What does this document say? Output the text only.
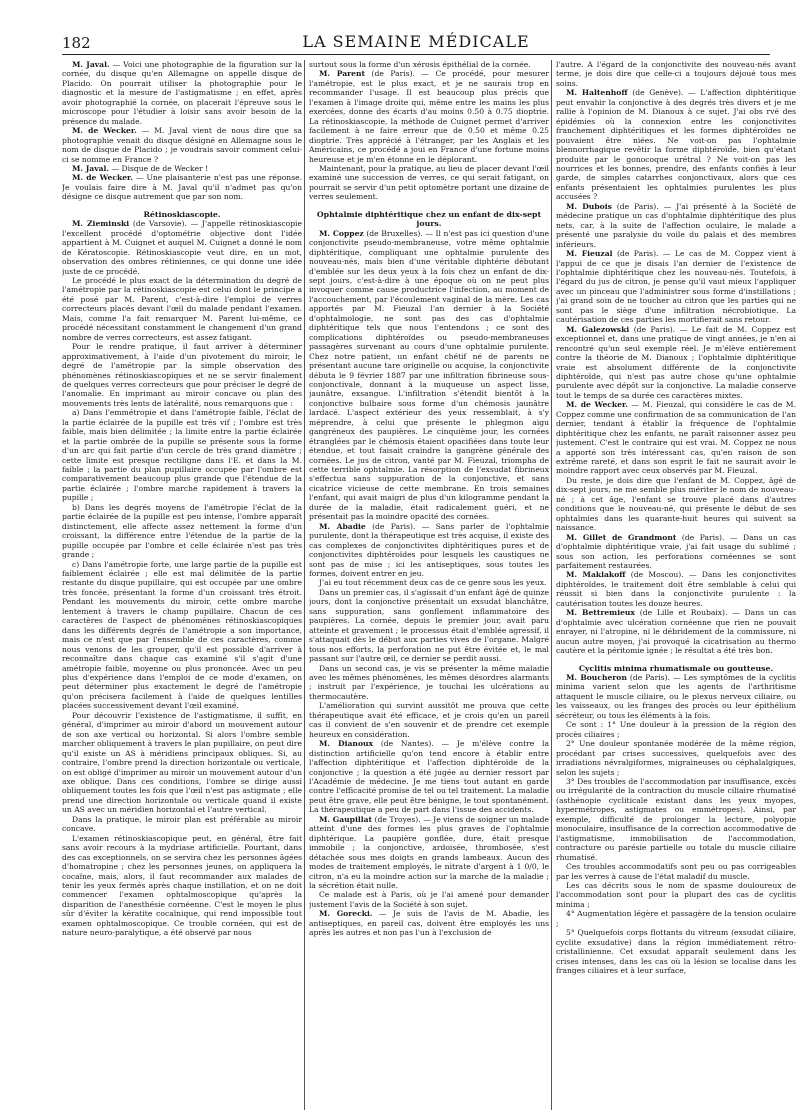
182	LA SEMAINE MÉDICALE

M. Javal. — Voici une photographie de la figuration sur la cornée, du disque qu'en Allemagne on appelle disque de Placido. On pourrait utiliser la photographie pour le diagnostic et la mesure de l'astigmatisme ; en effet, après avoir photographié la cornée, on placerait l'épreuve sous le microscope pour l'étudier à loisir sans avoir besoin de la présence du malade.

M. de Wecker. — M. Javal vient de nous dire que sa photographie venait du disque désigné en Allemagne sous le nom de disque de Placido ; je voudrais savoir comment celui-ci se nomme en France ?

M. Javal. — Disque de de Wecker !

M. de Wecker. — Une plaisanterie n'est pas une réponse. Je voulais faire dire à M. Javal qu'il n'admet pas qu'on désigne ce disque autrement que par son nom.

Rétinoskiascopie.

M. Zieminski (de Varsovie). — J'appelle rétinoskiascopie l'excellent procédé d'optométrie objective dont l'idée appartient à M. Cuignet et auquel M. Cuignet a donné le nom de Kératoscopie. Rétinoskiascopie veut dire, en un mot, observation des ombres rétiniennes, ce qui donne une idée juste de ce procédé.

Le procédé le plus exact de la détermination du degré de l'amétropie par la rétinoskiascopie est celui dont le principe a été posé par M. Parent, c'est-à-dire l'emploi de verres correcteurs placés devant l'œil du malade pendant l'examen. Mais, comme l'a fait remarquer M. Parent lui-même, ce procédé nécessitant constamment le changement d'un grand nombre de verres correcteurs, est assez fatigant.

Pour le rendre pratique, il faut arriver à déterminer approximativement, à l'aide d'un pivotement du miroir, le degré de l'amétropie par la simple observation des phénomènes rétinoskiascopiques et ne se servir finalement de quelques verres correcteurs que pour préciser le degré de l'anomalie. En imprimant au miroir concave ou plan des mouvements très lents de latéralité, nous remarquons que :

a) Dans l'emmétropie et dans l'amétropie faible, l'éclat de la partie éclairée de la pupille est très vif ; l'ombre est très faible, mais bien délimitée ; la limite entre la partie éclairée et la partie ombrée de la pupille se présente sous la forme d'un arc qui fait partie d'un cercle de très grand diamètre ; cette limite est presque rectiligne dans l'E. et dans la M. faible ; la partie du plan pupillaire occupée par l'ombre est comparativement beaucoup plus grande que l'étendue de la partie éclairée ; l'ombre marche rapidement à travers la pupille ;

b) Dans les degrés moyens de l'amétropie l'éclat de la partie éclairée de la pupille est peu intense, l'ombre apparaît distinctement, elle affecte assez nettement la forme d'un croissant, la différence entre l'étendue de la partie de la pupille occupée par l'ombre et celle éclairée n'est pas très grande ;

c) Dans l'amétropie forte, une large partie de la pupille est faiblement éclairée ; elle est mal délimitée de la partie restante du disque pupillaire, qui est occupée par une ombre très foncée, présentant la forme d'un croissant très étroit. Pendant les mouvements du miroir, cette ombre marche lentement à travers le champ pupillaire. Chacun de ces caractères de l'aspect de phénomènes rétinoskiascopiques dans les différents degrés de l'amétropie a son importance, mais ce n'est que par l'ensemble de ces caractères, comme nous venons de les grouper, qu'il est possible d'arriver à reconnaître dans chaque cas examiné s'il s'agit d'une amétropie faible, moyenne ou plus prononcée. Avec un peu plus d'expérience dans l'emploi de ce mode d'examen, on peut déterminer plus exactement le degré de l'amétropie qu'on précisera facilement à l'aide de quelques lentilles placées successivement devant l'œil examiné.

Pour découvrir l'existence de l'astigmatisme, il suffit, en général, d'imprimer au miroir d'abord un mouvement autour de son axe vertical ou horizontal. Si alors l'ombre semble marcher obliquement à travers le plan pupillaire, on peut dire qu'il existe un AS à méridiens principaux obliques. Si, au contraire, l'ombre prend la direction horizontale ou verticale, on est obligé d'imprimer au miroir un mouvement autour d'un axe oblique. Dans ces conditions, l'ombre se dirige aussi obliquement toutes les fois que l'œil n'est pas astigmate ; elle prend une direction horizontale ou verticale quand il existe un AS avec un méridien horizontal et l'autre vertical.

Dans la pratique, le miroir plan est préférable au miroir concave.

L'examen rétinoskiascopique peut, en général, être fait sans avoir recours à la mydriase artificielle. Pourtant, dans des cas exceptionnels, on se servira chez les personnes âgées d'homatropine ; chez les personnes jeunes, on appliquera la cocaïne, mais, alors, il faut recommander aux malades de tenir les yeux fermés après chaque instillation, et on ne doit commencer l'examen ophtalmoscopique qu'après la disparition de l'anesthésie cornéenne. C'est le moyen le plus sûr d'éviter la kératite cocaïnique, qui rend impossible tout examen ophtalmoscopique. Ce trouble cornéen, qui est de nature neuro-paralytique, a été observé par nous

surtout sous la forme d'un xérosis épithélial de la cornée.

M. Parent (de Paris). — Ce procédé, pour mesurer l'amétropie, est le plus exact, et je ne saurais trop en recommander l'usage. Il est beaucoup plus précis que l'examen à l'image droite qui, même entre les mains les plus exercées, donne des écarts d'au moins 0.50 à 0.75 dioptrie. La rétinoskiascopie, la méthode de Cuignet permet d'arriver facilement à ne faire erreur que de 0.50 et même 0.25 dioptrie. Très apprécié à l'étranger, par les Anglais et les Américains, ce procédé a joui en France d'une fortune moins heureuse et je m'en étonne en le déplorant.

Maintenant, pour la pratique, au lieu de placer devant l'œil examiné une succession de verres, ce qui serait fatigant, on pourrait se servir d'un petit optomètre portant une dizaine de verres seulement.

Ophtalmie diphtéritique chez un enfant de dix-sept jours.

M. Coppez (de Bruxelles). — Il n'est pas ici question d'une conjonctivite pseudo-membraneuse, votre même ophtalmie diphtéritique, compliquant une ophtalmie purulente des nouveau-nés, mais bien d'une véritable diphtérie débutant d'emblée sur les deux yeux à la fois chez un enfant de dix-sept jours, c'est-à-dire à une époque où on ne peut plus invoquer comme cause productrice l'infection, au moment de l'accouchement, par l'écoulement vaginal de la mère. Les cas apportés par M. Fieuzal l'an dernier à la Société d'ophtalmologie, ne sont pas des cas d'ophtalmie diphtéritique tels que nous l'entendons ; ce sont des complications diphtéroïdes ou pseudo-membraneuses passagères survenant au cours d'une ophtalmie purulente. Chez notre patient, un enfant chétif né de parents ne présentant aucune tare originelle ou acquise, la conjonctivite débuta le 9 février 1887 par une infiltration fibrineuse sous-conjonctivale, donnant à la muqueuse un aspect lisse, jaunâtre, exsangue. L'infiltration s'étendit bientôt à la conjonctive bulbaire sous forme d'un chémosis jaunâtre lardacé. L'aspect extérieur des yeux ressemblait, à s'y méprendre, à celui que présente le phlegmon aigu gangréneux des paupières. Le cinquième jour, les cornées étranglées par le chémosis étaient opacifiées dans toute leur étendue, et tout faisait craindre la gangrène générale des cornées. Le jus de citron, vanté par M. Fieuzal, triompha de cette terrible ophtalmie. La résorption de l'exsudat fibrineux s'effectua sans suppuration de la conjonctive, et sans cicatrice vicieuse de cette membrane. En trois semaines l'enfant, qui avait maigri de plus d'un kilogramme pendant la durée de la maladie, était radicalement guéri, et ne présentait pas la moindre opacité des cornées.

M. Abadie (de Paris). — Sans parler de l'ophtalmie purulente, dont la thérapeutique est très acquise, il existe des cas complexes de conjonctivites diphtéritiques pures et de conjonctivites diphtéroïdes pour lesquels les caustiques ne sont pas de mise ; ici les antiseptiques, sous toutes les formes, doivent entrer en jeu.

J'ai eu tout récemment deux cas de ce genre sous les yeux.

Dans un premier cas, il s'agissait d'un enfant âgé de quinze jours, dont la conjonctive présentait un exsudat blanchâtre, sans suppuration, sans gonflement inflammatoire des paupières. La cornée, depuis le premier jour, avait paru atteinte et gravement ; le processus était d'emblée agressif, il s'attaquait dès le début aux parties vives de l'organe. Malgré tous nos efforts, la perforation ne put être évitée et, le mal passant sur l'autre œil, ce dernier se perdit aussi.

Dans un second cas, je vis se présenter la même maladie avec les mêmes phénomènes, les mêmes désordres alarmants ; instruit par l'expérience, je touchai les ulcérations au thermocautère.

L'amélioration qui survint aussitôt me prouva que cette thérapeutique avait été efficace, et je crois qu'en un pareil cas il convient de s'en souvenir et de prendre cet exemple heureux en considération.

M. Dianoux (de Nantes). — Je m'élève contre la distinction artificielle qu'on tend encore à établir entre l'affection diphtéritique et l'affection diphtéroïde de la conjonctive ; la question a été jugée au dernier ressort par l'Académie de médecine. Je me tiens tout autant en garde contre l'efficacité promise de tel ou tel traitement. La maladie peut être grave, elle peut être bénigne, le tout spontanément. La thérapeutique a peu de part dans l'issue des accidents.

M. Gaupillat (de Troyes). — Je viens de soigner un malade atteint d'une des formes les plus graves de l'ophtalmie diphtérique. La paupière gonflée, dure, était presque immobile ; la conjonctive, ardoisée, thrombosée, s'est détachée sous mes doigts en grands lambeaux. Aucun des modes de traitement employés, le nitrate d'argent à 1 0/0, le citron, n'a eu la moindre action sur la marche de la maladie ; la sécrétion était nulle.

Ce malade est à Paris, où je l'ai amené pour demander justement l'avis de la Société à son sujet.

M. Gorecki. — Je suis de l'avis de M. Abadie, les antiseptiques, en pareil cas, doivent être employés les uns après les autres et non pas l'un à l'exclusion de

l'autre. A l'égard de la conjonctivite des nouveau-nés avant terme, je dois dire que celle-ci a toujours déjoué tous mes soins.

M. Haltenhoff (de Genève). — L'affection diphtéritique peut envahir la conjonctive à des degrés très divers et je me rallie à l'opinion de M. Dianoux à ce sujet. J'ai obs rvé des épidémies où la connexion entre les conjonctivites franchement diphtéritiques et les formes diphtéroïdes ne pouvaient être niées. Ne voit-on pas l'ophtalmie blennorrhagique revêtir la forme diphtéroïde, bien qu'étant produite par le gonocoque urétral ? Ne voit-on pas les nourrices et les bonnes, prendre, des enfants confiés à leur garde, de simples catarrhes conjonctivaux, alors que ces enfants présentaient les ophtalmies purulentes les plus accusées ?

M. Dubois (de Paris). — J'ai présenté à la Société de médecine pratique un cas d'ophtalmie diphtéritique des plus nets, car, à la suite de l'affection oculaire, le malade a présenté une paralysie du voile du palais et des membres inférieurs.

M. Fieuzal (de Paris). — Le cas de M. Coppez vient à l'appui de ce que je disais l'an dernier de l'existence de l'ophtalmie diphtéritique chez les nouveau-nés. Toutefois, à l'égard du jus de citron, je pense qu'il vaut mieux l'appliquer avec un pinceau que l'administrer sous forme d'instillations ; j'ai grand soin de ne toucher au citron que les parties qui ne sont pas le siège d'une infiltration nécrobiotique. La cautérisation de ces parties les mortifierait sans retour.

M. Galezowski (de Paris). — Le fait de M. Coppez est exceptionnel et, dans une pratique de vingt années, je n'en ai rencontré qu'un seul exemple réel. Je m'élève entièrement contre la théorie de M. Dianoux ; l'ophtalmie diphtéritique vraie est absolument différente de la conjonctivite diphtéroïde, qui n'est pas autre chose qu'une ophtalmie purulente avec dépôt sur la conjonctive. La maladie conserve tout le temps de sa durée ces caractères mixtes.

M. de Wecker. — M. Fieuzal, qui considère le cas de M. Coppez comme une confirmation de sa communication de l'an dernier, tendant à établir la fréquence de l'ophtalmie diphtéritique chez les enfants, ne paraît raisonner assez peu justement. C'est le contraire qui est vrai. M. Coppez ne nous a apporté son très intéressant cas, qu'en raison de son extrême rareté, et dans son esprit le fait ne saurait avoir le moindre rapport avec ceux observés par M. Fieuzal.

Du reste, je dois dire que l'enfant de M. Coppez, âgé de dix-sept jours, ne me semble plus mériter le nom de nouveau-né ; à cet âge, l'enfant se trouve placé dans d'autres conditions que le nouveau-né, qui présente le début de ses ophtalmies dans les quarante-huit heures qui suivent sa naissance.

M. Gillet de Grandmont (de Paris). — Dans un cas d'ophtalmie diphtéritique vraie, j'ai fait usage du sublimé ; sous son action, les perforations cornéennes se sont parfaitement restaurées.

M. Maklakoff (de Moscou). — Dans les conjonctivites diphtéroïdes, le traitement doit être semblable à celui qui réussit si bien dans la conjonctivite purulente : la cautérisation toutes les douze heures.

M. Bettremieux (de Lille et Roubaix). — Dans un cas d'ophtalmie avec ulcération cornéenne que rien ne pouvait enrayer, ni l'atropine, ni le débridement de la commissure, ni aucun autre moyen, j'ai provoqué la cicatrisation au thermo cautère et la péritomie ignée ; le résultat a été très bon.

Cyclitis minima rhumatismale ou goutteuse.

M. Boucheron (de Paris). — Les symptômes de la cyclitis minima varient selon que les agents de l'arthritisme attaquent le muscle ciliaire, ou le plexus nerveux ciliaire, ou les vaisseaux, ou les franges des procès ou leur épithélium sécréteur, ou tous les éléments à la fois.

Ce sont : 1° Une douleur à la pression de la région des procès ciliaires ;

2° Une douleur spontanée modérée de la même région, procédant par crises successives, quelquefois avec des irradiations névralgiformes, migraineuses ou céphalalgiques, selon les sujets ;

3° Des troubles de l'accommodation par insuffisance, excès ou irrégularité de la contraction du muscle ciliaire rhumatisé (asthénopie cycliticale existant dans les yeux myopes, hypermétropes, astigmates ou emmétropes). Ainsi, par exemple, difficulté de prolonger la lecture, polyopie monoculaire, insuffisance de la correction accommodative de l'astigmatisme, immobilisation de l'accommodation, contracture ou parésie partielle ou totale du muscle ciliaire rhumatisé.

Ces troubles accommodatifs sont peu ou pas corrigeables par les verres à cause de l'état maladif du muscle.

Les cas décrits sous le nom de spasme douloureux de l'accommodation sont pour la plupart des cas de cyclitis minima ;

4° Augmentation légère et passagère de la tension oculaire ;

5° Quelquefois corps flottants du vitreum (exsudat ciliaire, cyclite exsudative) dans la région immédiatement rétro-cristallinienne. Cet exsudat apparaît seulement dans les crises intenses, dans les cas où la lésion se localise dans les franges ciliaires et à leur surface,
